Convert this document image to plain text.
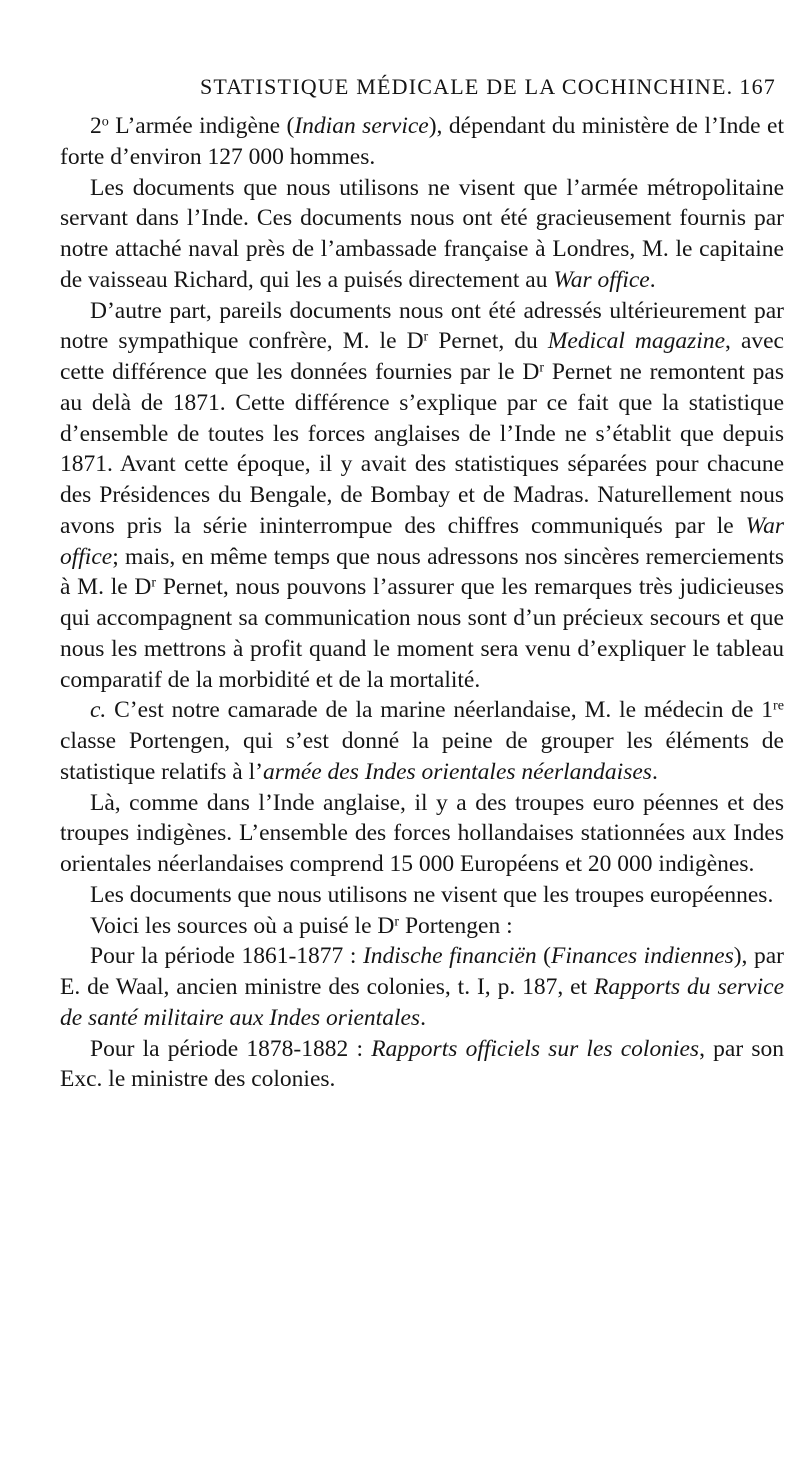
STATISTIQUE MÉDICALE DE LA COCHINCHINE. 167

2$^o$ L’armée indigène (Indian service), dépendant du ministère de l’Inde et forte d’environ 127 000 hommes.

Les documents que nous utilisons ne visent que l’armée métropolitaine servant dans l’Inde. Ces documents nous ont été gracieusement fournis par notre attaché naval près de l’ambassade française à Londres, M. le capitaine de vaisseau Richard, qui les a puisés directement au War office.

D’autre part, pareils documents nous ont été adressés ultérieurement par notre sympathique confrère, M. le $D^r$ Pernet, du Medical magazine, avec cette différence que les données fournies par le $D^r$ Pernet ne remontent pas au delà de 1871. Cette différence s’explique par ce fait que la statistique d’ensemble de toutes les forces anglaises de l’Inde ne s’établit que depuis 1871. Avant cette époque, il y avait des statistiques séparées pour chacune des Présidences du Bengale, de Bombay et de Madras. Naturellement nous avons pris la série ininterrompue des chiffres communiqués par le War office; mais, en même temps que nous adressons nos sincères remerciements à M. le $D^r$ Pernet, nous pouvons l’assurer que les remarques très judicieuses qui accompagnent sa communication nous sont d’un précieux secours et que nous les mettrons à profit quand le moment sera venu d’expliquer le tableau comparatif de la morbidité et de la mortalité.

c. C’est notre camarade de la marine néerlandaise, M. le médecin de 1re classe Portengen, qui s’est donné la peine de grouper les éléments de statistique relatifs à l’armée des Indes orientales néerlandaises.

Là, comme dans l’Inde anglaise, il y a des troupes euro péennes et des troupes indigènes. L’ensemble des forces hollandaises stationnées aux Indes orientales néerlandaises comprend 15 000 Européens et 20 000 indigènes.

Les documents que nous utilisons ne visent que les troupes européennes.

Voici les sources où a puisé le $D^r$ Portengen :

Pour la période 1861-1877 : Indische financiën (Finances indiennes), par E. de Waal, ancien ministre des colonies, t. I, p. 187, et Rapports du service de santé militaire aux Indes orientales.

Pour la période 1878-1882 : Rapports officiels sur les colonies, par son Exc. le ministre des colonies.
